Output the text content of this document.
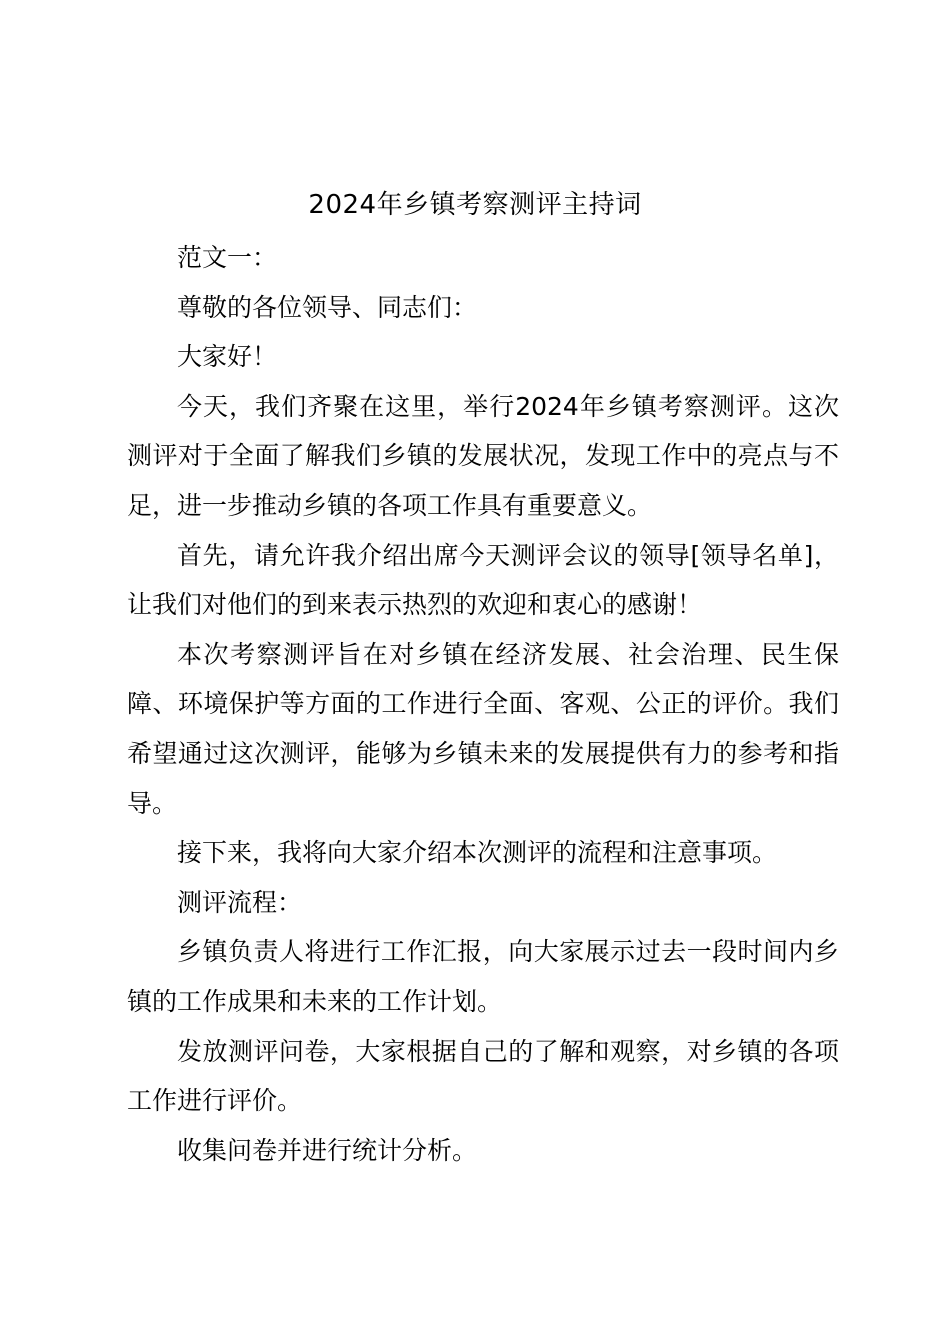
2024年乡镇考察测评主持词

范文一：

尊敬的各位领导、同志们：

大家好！

今天，我们齐聚在这里，举行2024年乡镇考察测评。这次测评对于全面了解我们乡镇的发展状况，发现工作中的亮点与不足，进一步推动乡镇的各项工作具有重要意义。

首先，请允许我介绍出席今天测评会议的领导[领导名单]，让我们对他们的到来表示热烈的欢迎和衷心的感谢！

本次考察测评旨在对乡镇在经济发展、社会治理、民生保障、环境保护等方面的工作进行全面、客观、公正的评价。我们希望通过这次测评，能够为乡镇未来的发展提供有力的参考和指导。

接下来，我将向大家介绍本次测评的流程和注意事项。

测评流程：

乡镇负责人将进行工作汇报，向大家展示过去一段时间内乡镇的工作成果和未来的工作计划。

发放测评问卷，大家根据自己的了解和观察，对乡镇的各项工作进行评价。

收集问卷并进行统计分析。
